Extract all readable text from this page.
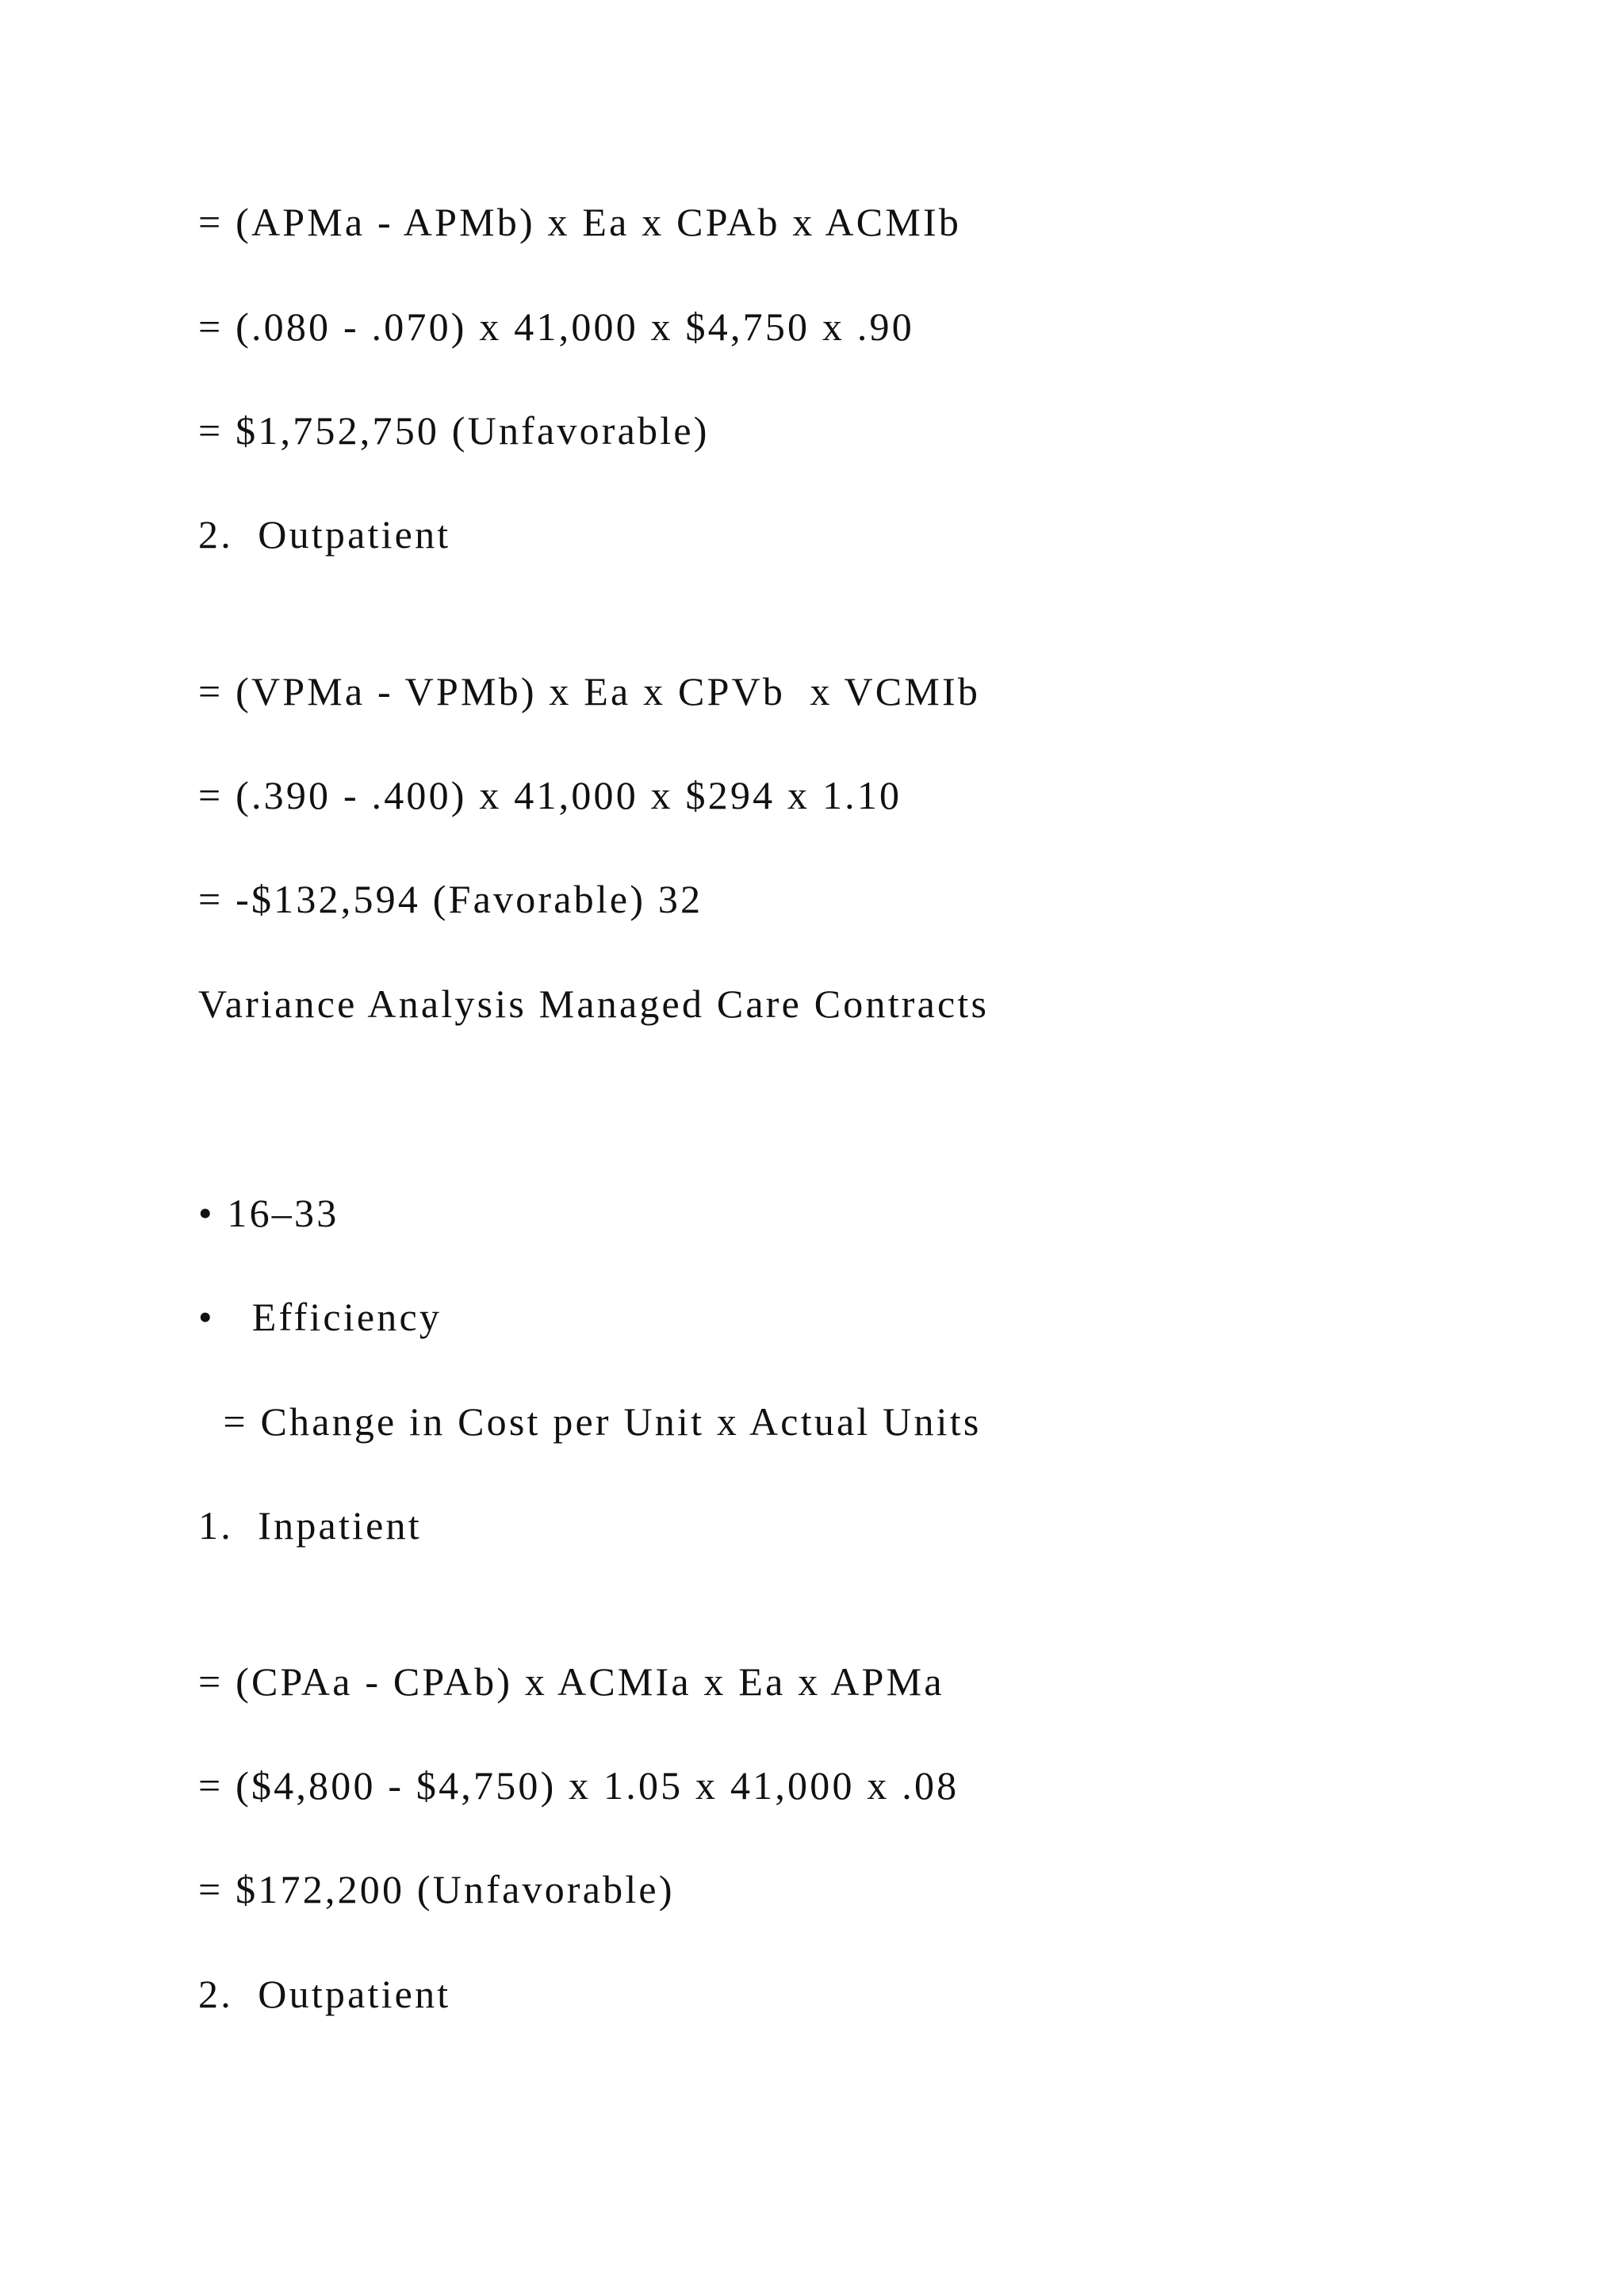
= (APMa - APMb) x Ea x CPAb x ACMIb
= (.080 - .070) x 41,000 x $4,750 x .90
= $1,752,750 (Unfavorable)
2.  Outpatient
= (VPMa - VPMb) x Ea x CPVb  x VCMIb
= (.390 - .400) x 41,000 x $294 x 1.10
= -$132,594 (Favorable) 32
Variance Analysis Managed Care Contracts
• 16–33
•   Efficiency
= Change in Cost per Unit x Actual Units
1.  Inpatient
= (CPAa - CPAb) x ACMIa x Ea x APMa
= ($4,800 - $4,750) x 1.05 x 41,000 x .08
= $172,200 (Unfavorable)
2.  Outpatient
